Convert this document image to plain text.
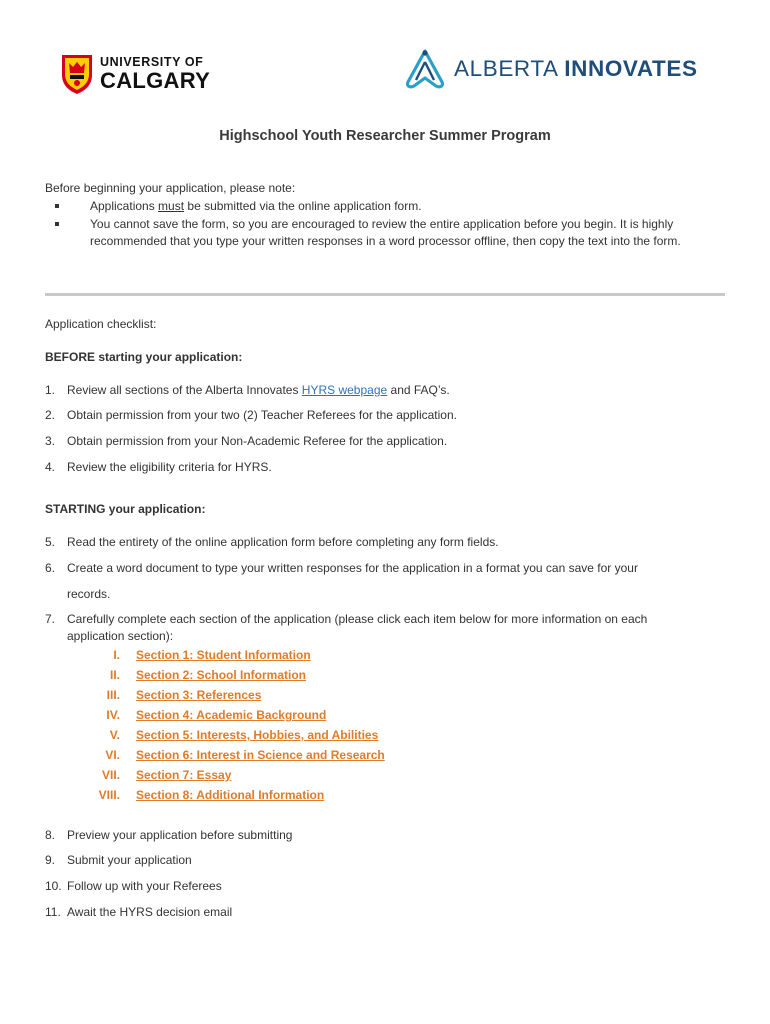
UNIVERSITY OF
CALGARY	ALBERTA INNOVATES
Highschool Youth Researcher Summer Program
Before beginning your application, please note:
Applications must be submitted via the online application form.
You cannot save the form, so you are encouraged to review the entire application before you begin. It is highly recommended that you type your written responses in a word processor offline, then copy the text into the form.
Application checklist:
BEFORE starting your application:
1. Review all sections of the Alberta Innovates HYRS webpage and FAQ’s.
2. Obtain permission from your two (2) Teacher Referees for the application.
3. Obtain permission from your Non-Academic Referee for the application.
4. Review the eligibility criteria for HYRS.
STARTING your application:
5. Read the entirety of the online application form before completing any form fields.
6. Create a word document to type your written responses for the application in a format you can save for your
records.
7. Carefully complete each section of the application (please click each item below for more information on each
application section):
I. Section 1: Student Information
II. Section 2: School Information
III. Section 3: References
IV. Section 4: Academic Background
V. Section 5: Interests, Hobbies, and Abilities
VI. Section 6: Interest in Science and Research
VII. Section 7: Essay
VIII. Section 8: Additional Information
8. Preview your application before submitting
9. Submit your application
10. Follow up with your Referees
11. Await the HYRS decision email
